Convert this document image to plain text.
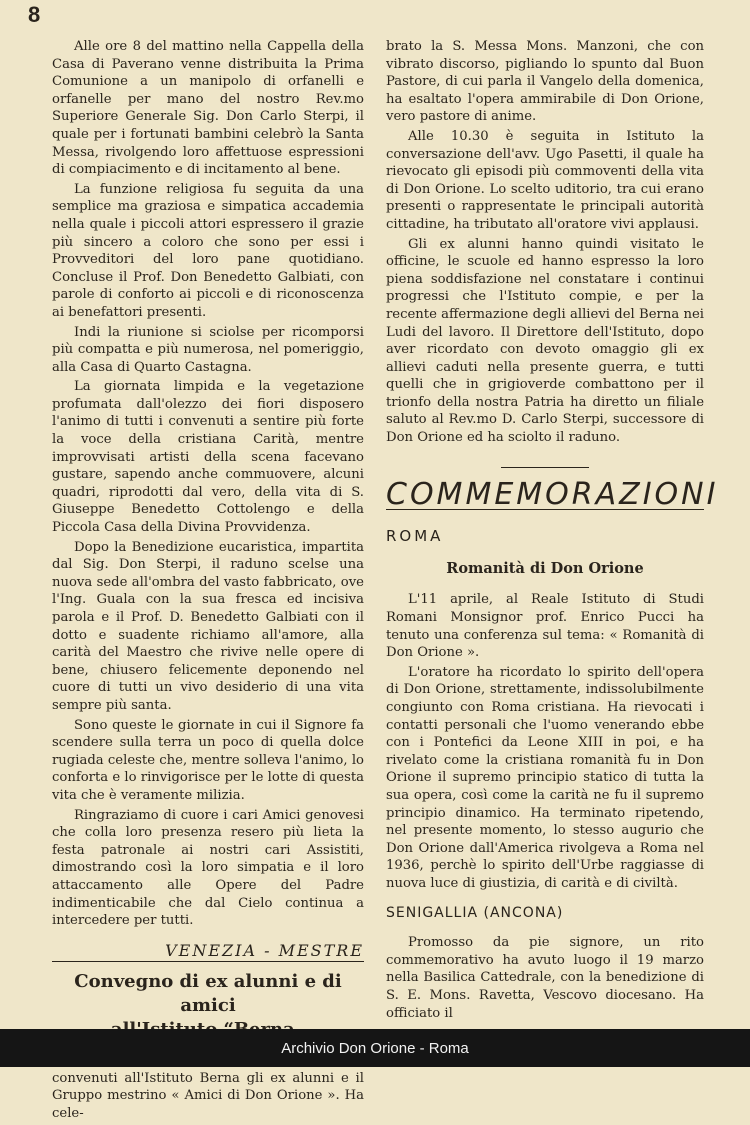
8

Alle ore 8 del mattino nella Cappella della Casa di Paverano venne distribuita la Prima Comunione a un manipolo di orfanelli e orfanelle per mano del nostro Rev.mo Superiore Generale Sig. Don Carlo Sterpi, il quale per i fortunati bambini celebrò la Santa Messa, rivolgendo loro affettuose espressioni di compiacimento e di incitamento al bene.

La funzione religiosa fu seguita da una semplice ma graziosa e simpatica accademia nella quale i piccoli attori espressero il grazie più sincero a coloro che sono per essi i Provveditori del loro pane quotidiano. Concluse il Prof. Don Benedetto Galbiati, con parole di conforto ai piccoli e di riconoscenza ai benefattori presenti.

Indi la riunione si sciolse per ricomporsi più compatta e più numerosa, nel pomeriggio, alla Casa di Quarto Castagna.

La giornata limpida e la vegetazione profumata dall'olezzo dei fiori disposero l'animo di tutti i convenuti a sentire più forte la voce della cristiana Carità, mentre improvvisati artisti della scena facevano gustare, sapendo anche commuovere, alcuni quadri, riprodotti dal vero, della vita di S. Giuseppe Benedetto Cottolengo e della Piccola Casa della Divina Provvidenza.

Dopo la Benedizione eucaristica, impartita dal Sig. Don Sterpi, il raduno scelse una nuova sede all'ombra del vasto fabbricato, ove l'Ing. Guala con la sua fresca ed incisiva parola e il Prof. D. Benedetto Galbiati con il dotto e suadente richiamo all'amore, alla carità del Maestro che rivive nelle opere di bene, chiusero felicemente deponendo nel cuore di tutti un vivo desiderio di una vita sempre più santa.

Sono queste le giornate in cui il Signore fa scendere sulla terra un poco di quella dolce rugiada celeste che, mentre solleva l'animo, lo conforta e lo rinvigorisce per le lotte di questa vita che è veramente milizia.

Ringraziamo di cuore i cari Amici genovesi che colla loro presenza resero più lieta la festa patronale ai nostri cari Assistiti, dimostrando così la loro simpatia e il loro attaccamento alle Opere del Padre indimenticabile che dal Cielo continua a intercedere per tutti.

VENEZIA - MESTRE
Convegno di ex alunni e di amici

convenuti all'Istituto Berna gli ex alunni e il Gruppo mestrino « Amici di Don Orione ». Ha cele-

brato la S. Messa Mons. Manzoni, che con vibrato discorso, pigliando lo spunto dal Buon Pastore, di cui parla il Vangelo della domenica, ha esaltato l'opera ammirabile di Don Orione, vero pastore di anime.

Alle 10.30 è seguita in Istituto la conversazione dell'avv. Ugo Pasetti, il quale ha rievocato gli episodi più commoventi della vita di Don Orione. Lo scelto uditorio, tra cui erano presenti o rappresentate le principali autorità cittadine, ha tributato all'oratore vivi applausi.

Gli ex alunni hanno quindi visitato le officine, le scuole ed hanno espresso la loro piena soddisfazione nel constatare i continui progressi che l'Istituto compie, e per la recente affermazione degli allievi del Berna nei Ludi del lavoro. Il Direttore dell'Istituto, dopo aver ricordato con devoto omaggio gli ex allievi caduti nella presente guerra, e tutti quelli che in grigioverde combattono per il trionfo della nostra Patria ha diretto un filiale saluto al Rev.mo D. Carlo Sterpi, successore di Don Orione ed ha sciolto il raduno.

COMMEMORAZIONI
ROMA
Romanità di Don Orione

L'11 aprile, al Reale Istituto di Studi Romani Monsignor prof. Enrico Pucci ha tenuto una conferenza sul tema: « Romanità di Don Orione ».

L'oratore ha ricordato lo spirito dell'opera di Don Orione, strettamente, indissolubilmente congiunto con Roma cristiana. Ha rievocati i contatti personali che l'uomo venerando ebbe con i Pontefici da Leone XIII in poi, e ha rivelato come la cristiana romanità fu in Don Orione il supremo principio statico di tutta la sua opera, così come la carità ne fu il supremo principio dinamico. Ha terminato ripetendo, nel presente momento, lo stesso augurio che Don Orione dall'America rivolgeva a Roma nel 1936, perchè lo spirito dell'Urbe raggiasse di nuova luce di giustizia, di carità e di civiltà.

SENIGALLIA (ANCONA)

Promosso da pie signore, un rito commemorativo ha avuto luogo il 19 marzo nella Basilica Cattedrale, con la benedizione di S. E. Mons. Ravetta, Vescovo diocesano. Ha officiato il

Archivio Don Orione - Roma
